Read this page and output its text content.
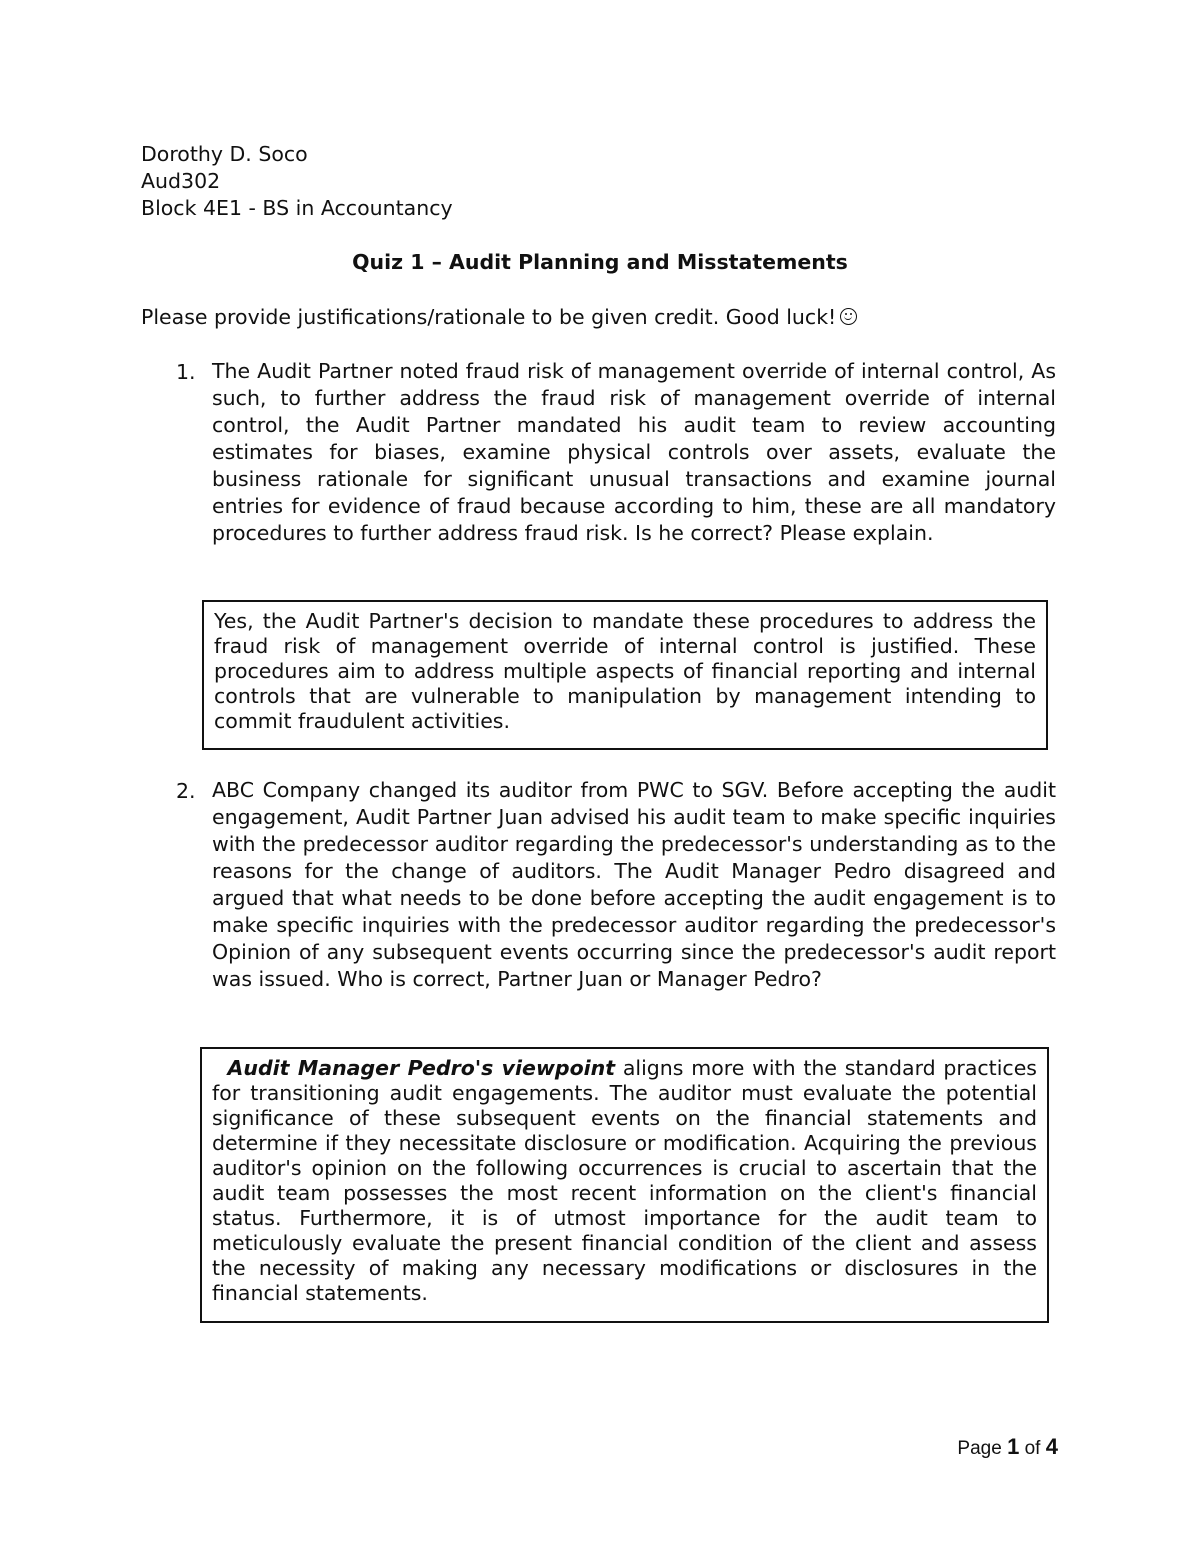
Dorothy D. Soco
Aud302
Block 4E1 - BS in Accountancy
Quiz 1 – Audit Planning and Misstatements
Please provide justifications/rationale to be given credit. Good luck!
1. The Audit Partner noted fraud risk of management override of internal control, As such, to further address the fraud risk of management override of internal control, the Audit Partner mandated his audit team to review accounting estimates for biases, examine physical controls over assets, evaluate the business rationale for significant unusual transactions and examine journal entries for evidence of fraud because according to him, these are all mandatory procedures to further address fraud risk. Is he correct? Please explain.
Yes, the Audit Partner's decision to mandate these procedures to address the fraud risk of management override of internal control is justified. These procedures aim to address multiple aspects of financial reporting and internal controls that are vulnerable to manipulation by management intending to commit fraudulent activities.
2. ABC Company changed its auditor from PWC to SGV. Before accepting the audit engagement, Audit Partner Juan advised his audit team to make specific inquiries with the predecessor auditor regarding the predecessor's understanding as to the reasons for the change of auditors. The Audit Manager Pedro disagreed and argued that what needs to be done before accepting the audit engagement is to make specific inquiries with the predecessor auditor regarding the predecessor's Opinion of any subsequent events occurring since the predecessor's audit report was issued. Who is correct, Partner Juan or Manager Pedro?
Audit Manager Pedro's viewpoint aligns more with the standard practices for transitioning audit engagements. The auditor must evaluate the potential significance of these subsequent events on the financial statements and determine if they necessitate disclosure or modification. Acquiring the previous auditor's opinion on the following occurrences is crucial to ascertain that the audit team possesses the most recent information on the client's financial status. Furthermore, it is of utmost importance for the audit team to meticulously evaluate the present financial condition of the client and assess the necessity of making any necessary modifications or disclosures in the financial statements.
Page 1 of 4
